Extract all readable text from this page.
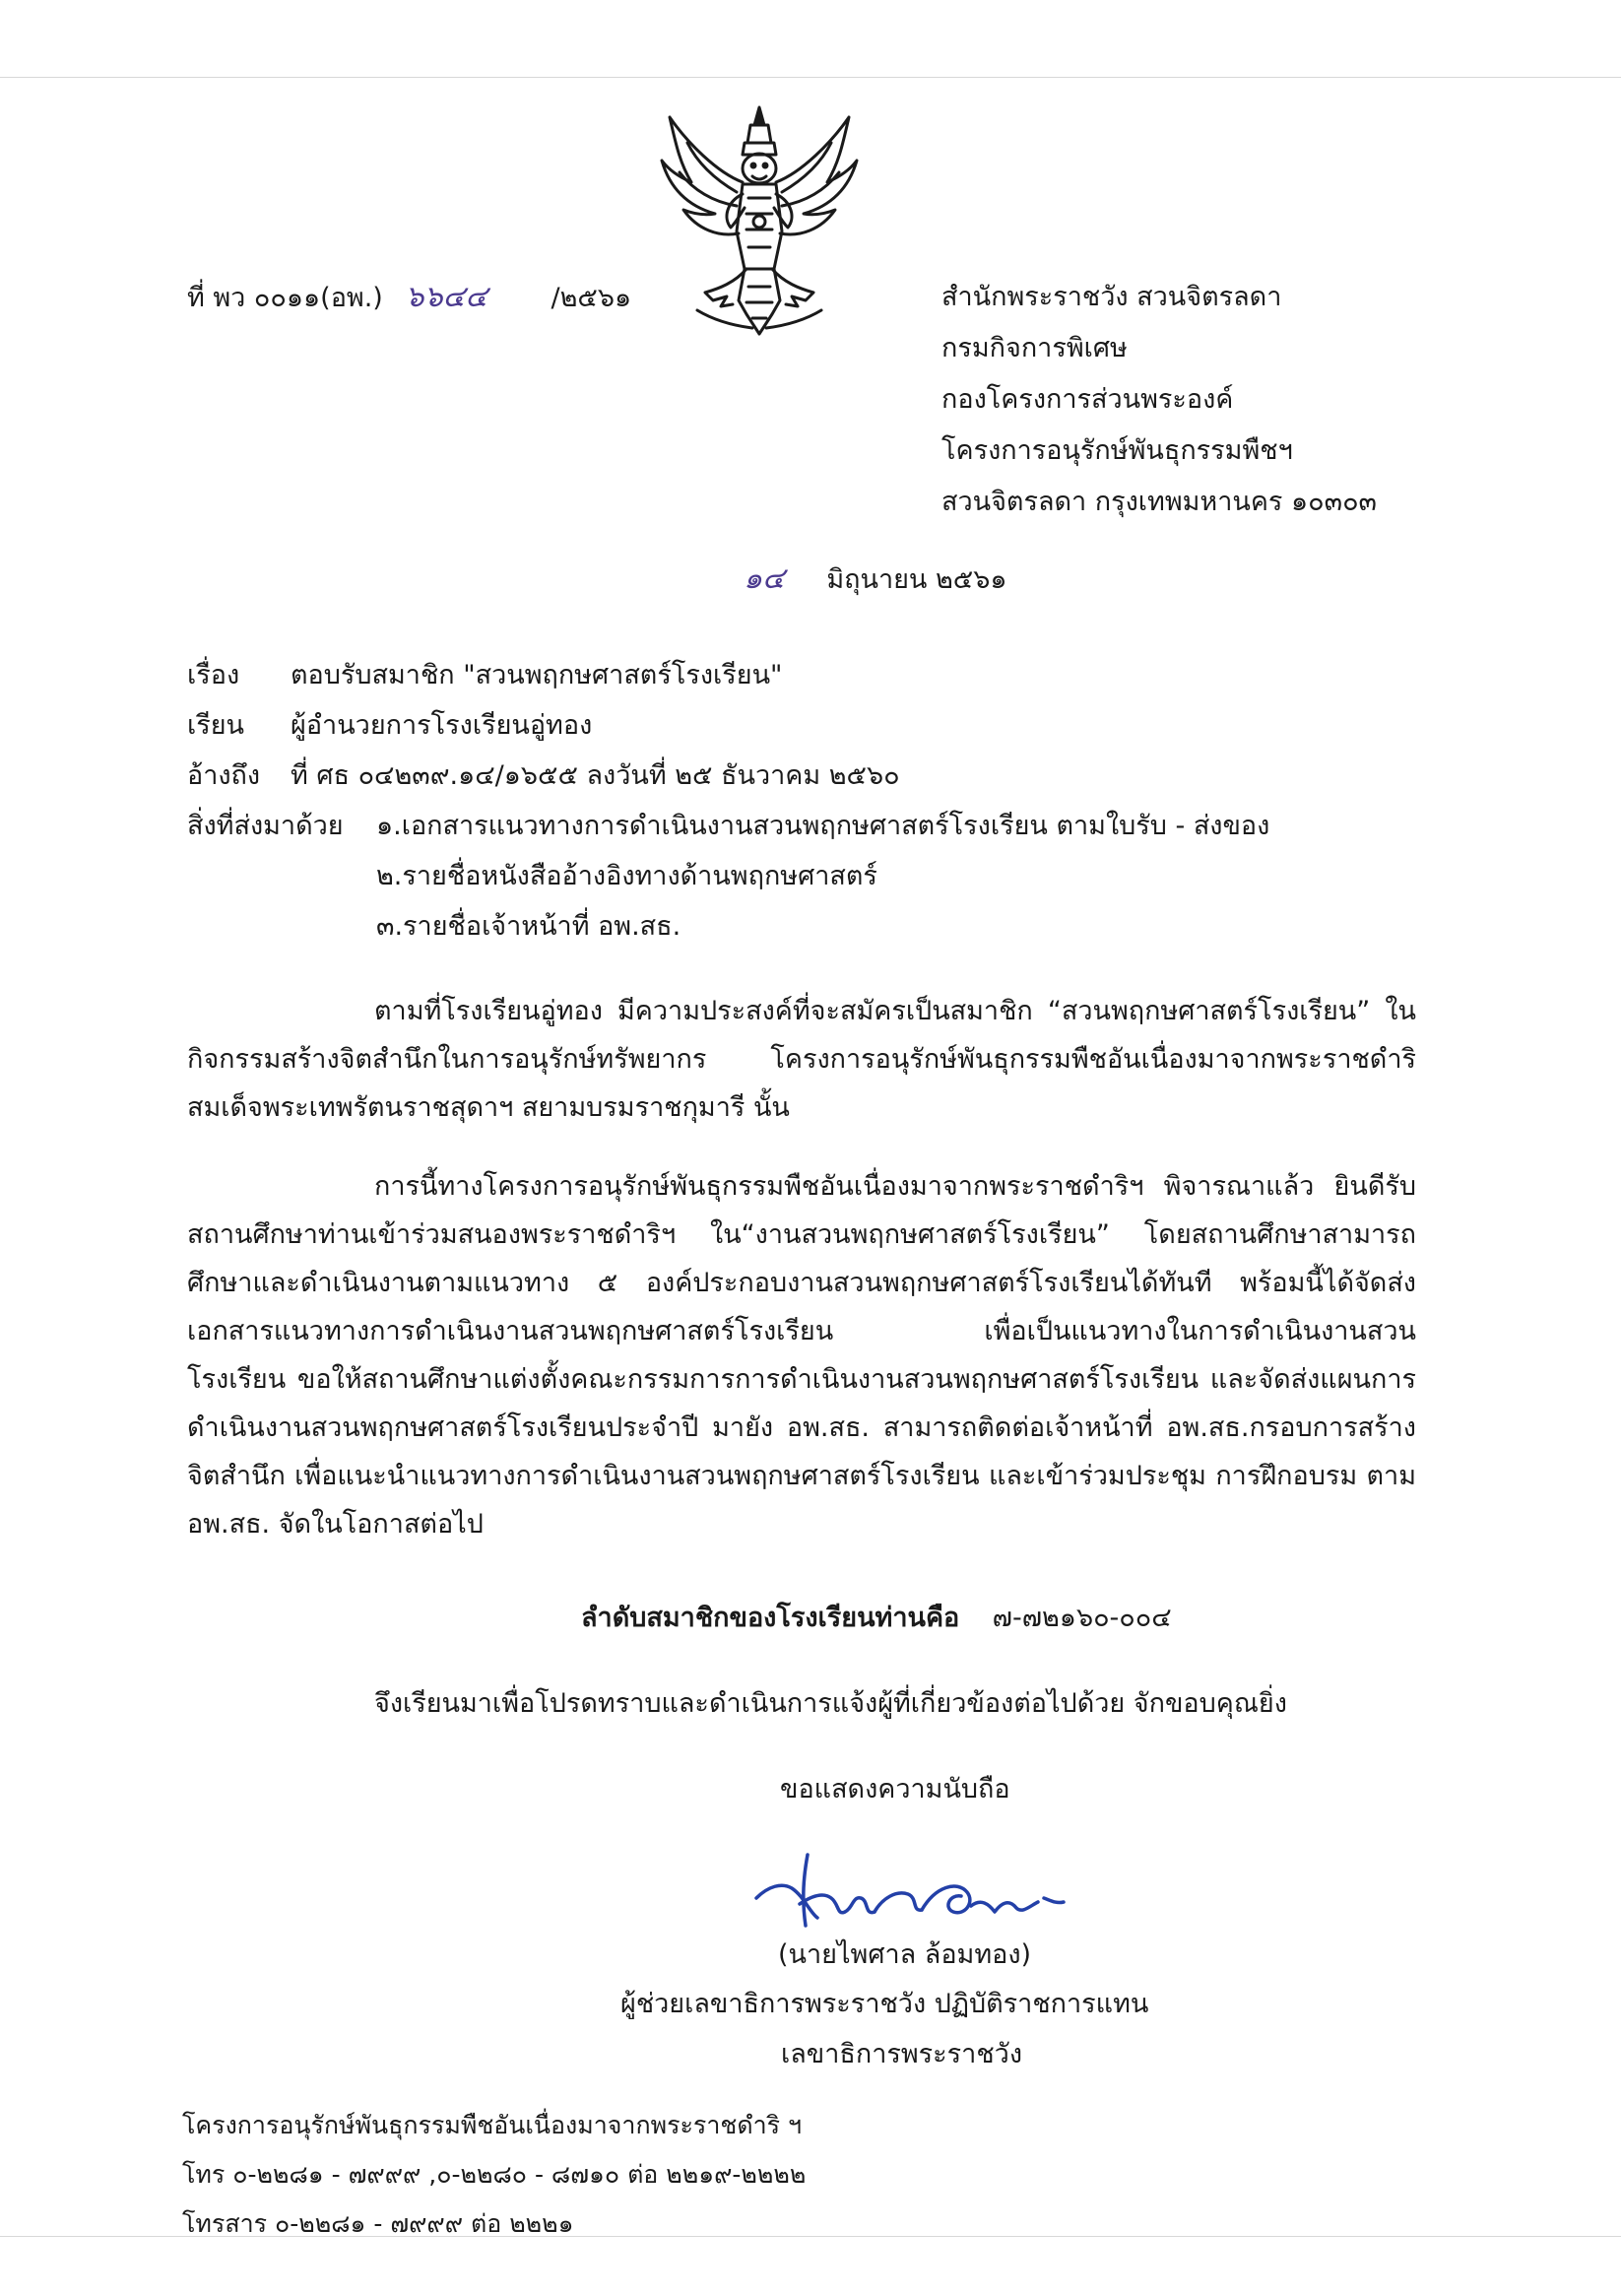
ที่ พว ๐๐๑๑(อพ.) ๖๖๔๔ /๒๕๖๑	สำนักพระราชวัง สวนจิตรลดา
กรมกิจการพิเศษ
กองโครงการส่วนพระองค์
โครงการอนุรักษ์พันธุกรรมพืชฯ
สวนจิตรลดา กรุงเทพมหานคร ๑๐๓๐๓
๑๔ มิถุนายน ๒๕๖๑
เรื่อง	ตอบรับสมาชิก "สวนพฤกษศาสตร์โรงเรียน"
เรียน	ผู้อำนวยการโรงเรียนอู่ทอง
อ้างถึง	ที่ ศธ ๐๔๒๓๙.๑๔/๑๖๕๕ ลงวันที่ ๒๕ ธันวาคม ๒๕๖๐
สิ่งที่ส่งมาด้วย	๑.เอกสารแนวทางการดำเนินงานสวนพฤกษศาสตร์โรงเรียน ตามใบรับ - ส่งของ
๒.รายชื่อหนังสืออ้างอิงทางด้านพฤกษศาสตร์
๓.รายชื่อเจ้าหน้าที่ อพ.สธ.
ตามที่โรงเรียนอู่ทอง มีความประสงค์ที่จะสมัครเป็นสมาชิก “สวนพฤกษศาสตร์โรงเรียน” ใน
กิจกรรมสร้างจิตสำนึกในการอนุรักษ์ทรัพยากร โครงการอนุรักษ์พันธุกรรมพืชอันเนื่องมาจากพระราชดำริ
สมเด็จพระเทพรัตนราชสุดาฯ สยามบรมราชกุมารี นั้น
การนี้ทางโครงการอนุรักษ์พันธุกรรมพืชอันเนื่องมาจากพระราชดำริฯ พิจารณาแล้ว ยินดีรับ
สถานศึกษาท่านเข้าร่วมสนองพระราชดำริฯ ใน“งานสวนพฤกษศาสตร์โรงเรียน” โดยสถานศึกษาสามารถ
ศึกษาและดำเนินงานตามแนวทาง ๕ องค์ประกอบงานสวนพฤกษศาสตร์โรงเรียนได้ทันที พร้อมนี้ได้จัดส่ง
เอกสารแนวทางการดำเนินงานสวนพฤกษศาสตร์โรงเรียน เพื่อเป็นแนวทางในการดำเนินงานสวน
โรงเรียน ขอให้สถานศึกษาแต่งตั้งคณะกรรมการการดำเนินงานสวนพฤกษศาสตร์โรงเรียน และจัดส่งแผนการ
ดำเนินงานสวนพฤกษศาสตร์โรงเรียนประจำปี มายัง อพ.สธ. สามารถติดต่อเจ้าหน้าที่ อพ.สธ.กรอบการสร้าง
จิตสำนึก เพื่อแนะนำแนวทางการดำเนินงานสวนพฤกษศาสตร์โรงเรียน และเข้าร่วมประชุม การฝึกอบรม ตาม
อพ.สธ. จัดในโอกาสต่อไป
ลำดับสมาชิกของโรงเรียนท่านคือ ๗-๗๒๑๖๐-๐๐๔
จึงเรียนมาเพื่อโปรดทราบและดำเนินการแจ้งผู้ที่เกี่ยวข้องต่อไปด้วย จักขอบคุณยิ่ง
ขอแสดงความนับถือ
(นายไพศาล ล้อมทอง)
ผู้ช่วยเลขาธิการพระราชวัง ปฏิบัติราชการแทน
เลขาธิการพระราชวัง
โครงการอนุรักษ์พันธุกรรมพืชอันเนื่องมาจากพระราชดำริ ฯ
โทร ๐-๒๒๘๑ - ๗๙๙๙ ,๐-๒๒๘๐ - ๘๗๑๐ ต่อ ๒๒๑๙-๒๒๒๒
โทรสาร ๐-๒๒๘๑ - ๗๙๙๙ ต่อ ๒๒๒๑
